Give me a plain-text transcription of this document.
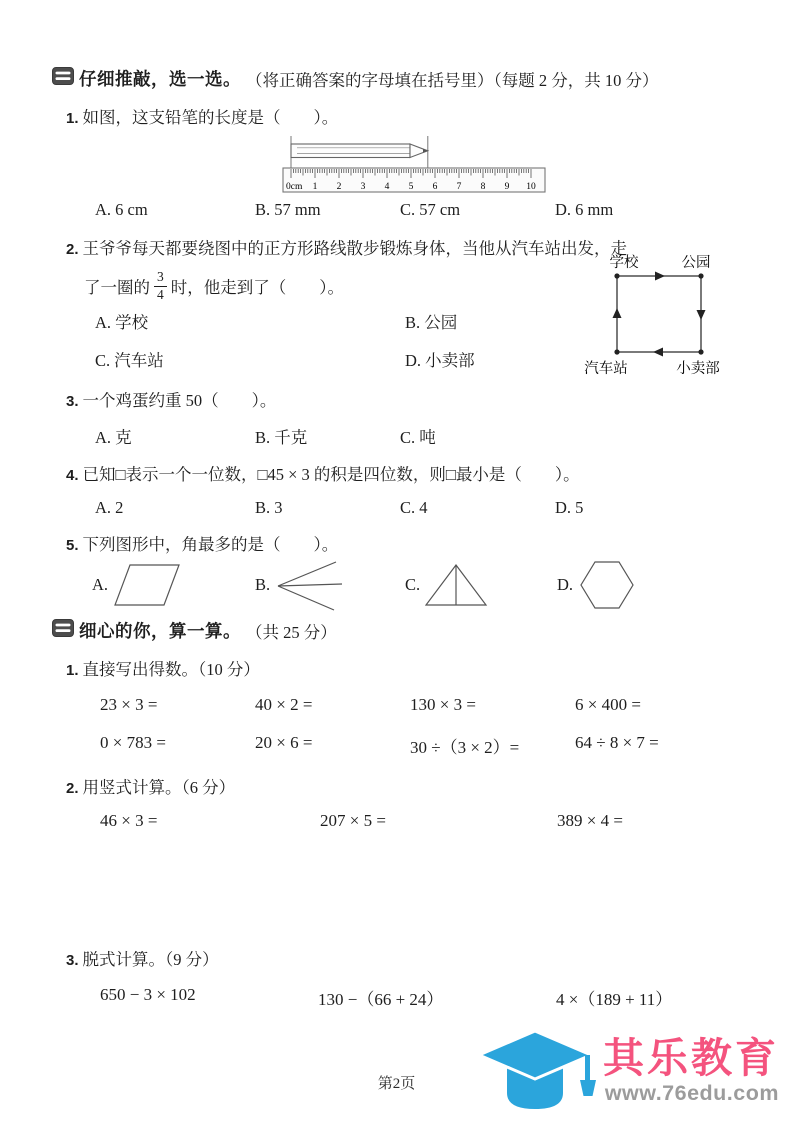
仔细推敲，选一选。 （将正确答案的字母填在括号里）（每题 2 分，共 10 分）
1. 如图，这支铅笔的长度是（　　）。
0cm 1 2 3 4 5 6 7 8 9 10
A. 6 cm	B. 57 mm	C. 57 cm	D. 6 mm
2. 王爷爷每天都要绕图中的正方形路线散步锻炼身体，当他从汽车站出发，走
了一圈的 $\frac{3}{4}$ 时，他走到了（　　）。
A. 学校	B. 公园
C. 汽车站	D. 小卖部
3. 一个鸡蛋约重 50（　　）。
A. 克	B. 千克	C. 吨
4. 已知□表示一个一位数，□45 × 3 的积是四位数，则□最小是（　　）。
A. 2	B. 3	C. 4	D. 5
5. 下列图形中，角最多的是（　　）。
A.	B.	C.	D.
细心的你，算一算。 （共 25 分）
1. 直接写出得数。（10 分）
23 × 3 =	40 × 2 =	130 × 3 =	6 × 400 =
0 × 783 =	20 × 6 =	30 ÷（3 × 2）=	64 ÷ 8 × 7 =
2. 用竖式计算。（6 分）
46 × 3 =	207 × 5 =	389 × 4 =
3. 脱式计算。（9 分）
650 − 3 × 102	130 −（66 + 24）	4 ×（189 + 11）
学校	公园
汽车站	小卖部
第2页
其乐教育
www.76edu.com
